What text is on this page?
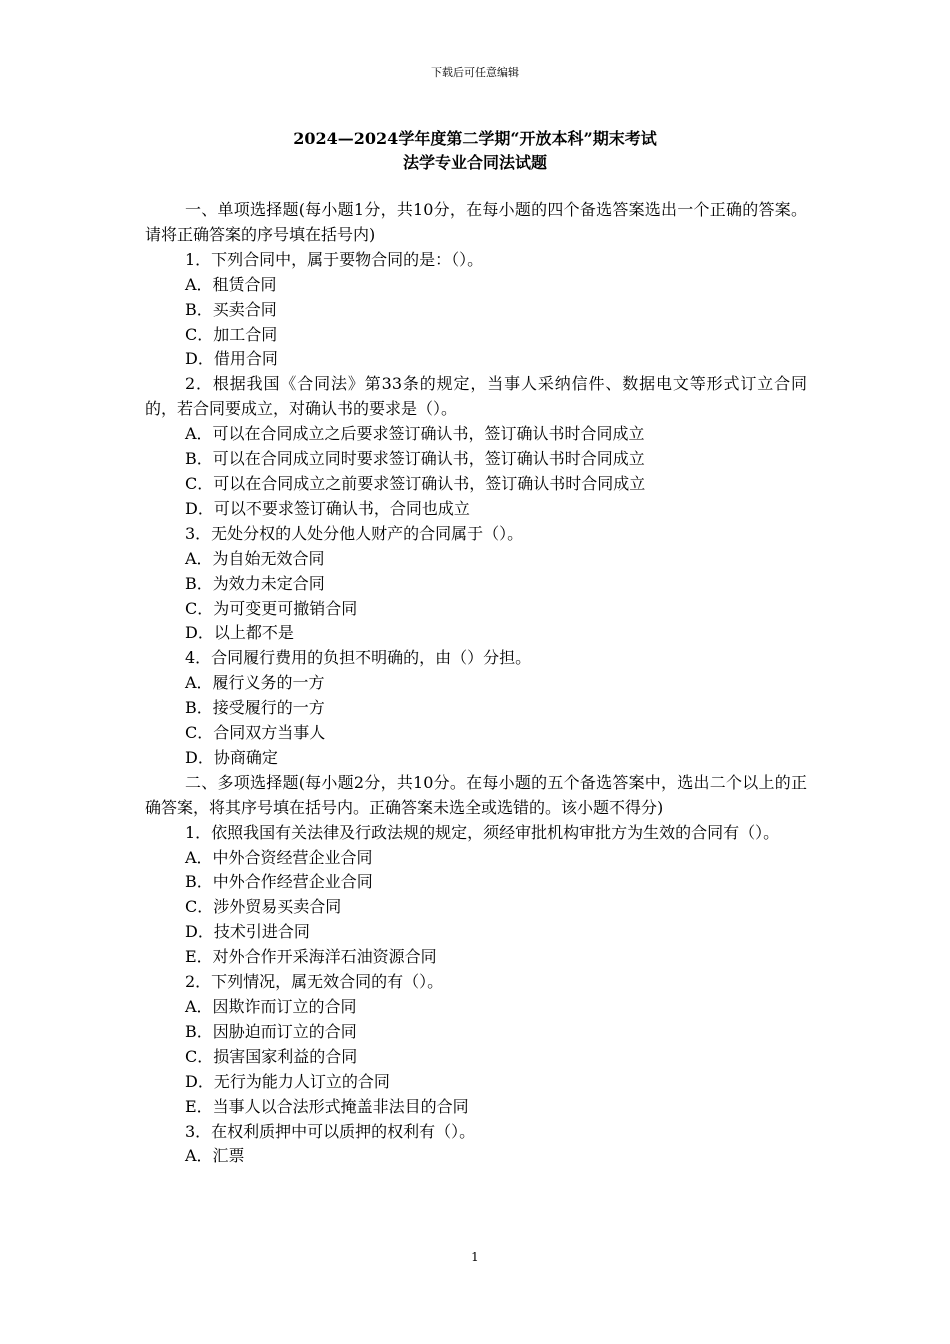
下载后可任意编辑
2024—2024学年度第二学期“开放本科”期末考试
法学专业合同法试题

一、单项选择题(每小题1分，共10分，在每小题的四个备选答案选出一个正确的答案。请将正确答案的序号填在括号内)

1．下列合同中，属于要物合同的是：（）。

A．租赁合同

B．买卖合同

C．加工合同

D．借用合同

2．根据我国《合同法》第33条的规定，当事人采纳信件、数据电文等形式订立合同的，若合同要成立，对确认书的要求是（）。

A．可以在合同成立之后要求签订确认书，签订确认书时合同成立

B．可以在合同成立同时要求签订确认书，签订确认书时合同成立

C．可以在合同成立之前要求签订确认书，签订确认书时合同成立

D．可以不要求签订确认书，合同也成立

3．无处分权的人处分他人财产的合同属于（）。

A．为自始无效合同

B．为效力未定合同

C．为可变更可撤销合同

D．以上都不是

4．合同履行费用的负担不明确的，由（）分担。

A．履行义务的一方

B．接受履行的一方

C．合同双方当事人

D．协商确定

二、多项选择题(每小题2分，共10分。在每小题的五个备选答案中，选出二个以上的正确答案，将其序号填在括号内。正确答案未选全或选错的。该小题不得分)

1．依照我国有关法律及行政法规的规定，须经审批机构审批方为生效的合同有（）。

A．中外合资经营企业合同

B．中外合作经营企业合同

C．涉外贸易买卖合同

D．技术引进合同

E．对外合作开采海洋石油资源合同

2．下列情况，属无效合同的有（）。

A．因欺诈而订立的合同

B．因胁迫而订立的合同

C．损害国家利益的合同

D．无行为能力人订立的合同

E．当事人以合法形式掩盖非法目的合同

3．在权利质押中可以质押的权利有（）。

A．汇票

1
